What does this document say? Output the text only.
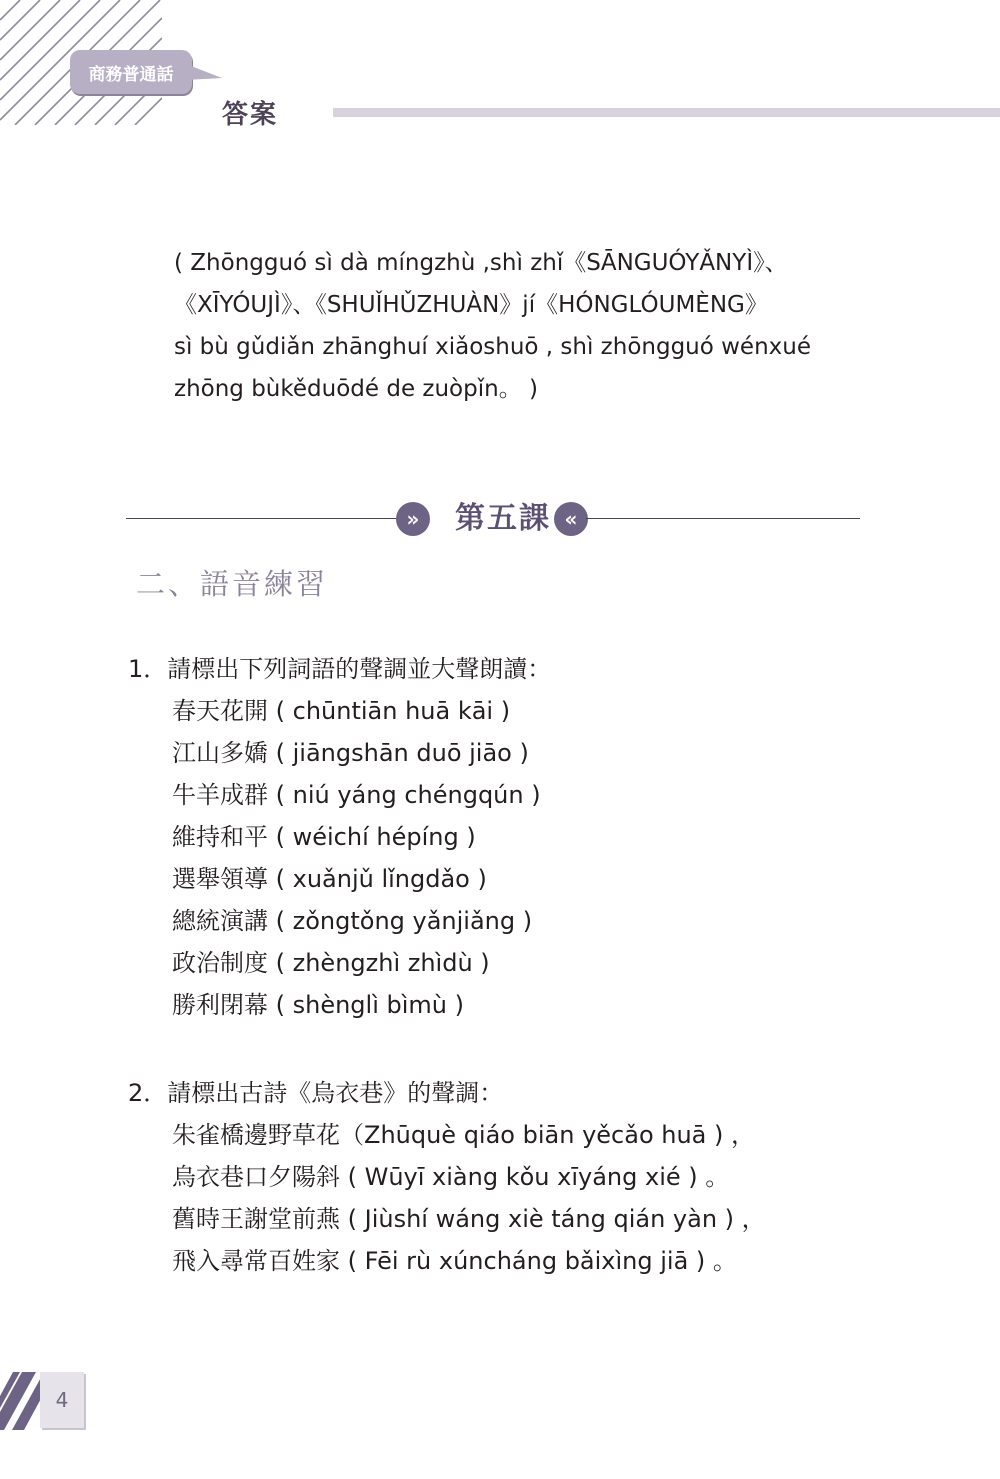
商務普通話
答案
( Zhōngguó sì dà míngzhù ,shì zhǐ《SĀNGUÓYǍNYÌ》、
《XĪYÓUJÌ》、《SHUǏHǓZHUÀN》jí《HÓNGLÓUMÈNG》
sì bù gǔdiǎn zhānghuí xiǎoshuō , shì zhōngguó wénxué
zhōng bùkěduōdé de zuòpǐn。 )
»	第五課 «
二、語音練習
1．請標出下列詞語的聲調並大聲朗讀：
春天花開 ( chūntiān huā kāi )
江山多嬌 ( jiāngshān duō jiāo )
牛羊成群 ( niú yáng chéngqún )
維持和平 ( wéichí hépíng )
選舉領導 ( xuǎnjǔ lǐngdǎo )
總統演講 ( zǒngtǒng yǎnjiǎng )
政治制度 ( zhèngzhì zhìdù )
勝利閉幕 ( shènglì bìmù )
2．請標出古詩《烏衣巷》的聲調：
朱雀橋邊野草花（Zhūquè qiáo biān yěcǎo huā ) ，
烏衣巷口夕陽斜 ( Wūyī xiàng kǒu xīyáng xié ) 。
舊時王謝堂前燕 ( Jiùshí wáng xiè táng qián yàn ) ，
飛入尋常百姓家 ( Fēi rù xúncháng bǎixìng jiā ) 。
4
